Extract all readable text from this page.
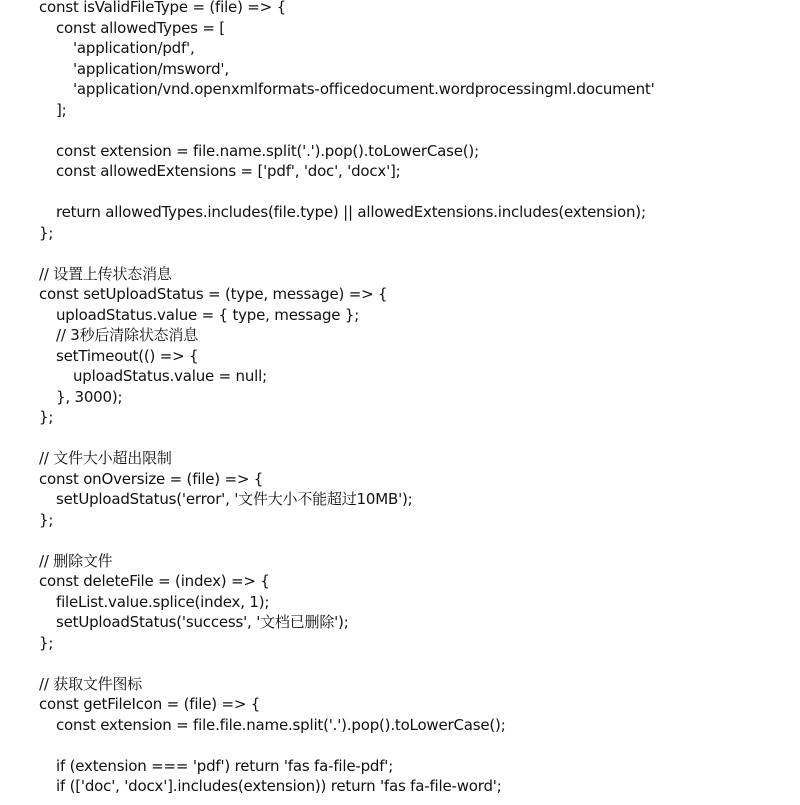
const isValidFileType = (file) => {
const allowedTypes = [
'application/pdf',
'application/msword',
'application/vnd.openxmlformats-officedocument.wordprocessingml.document'
];
const extension = file.name.split('.').pop().toLowerCase();
const allowedExtensions = ['pdf', 'doc', 'docx'];
return allowedTypes.includes(file.type) || allowedExtensions.includes(extension);
};
// 设置上传状态消息
const setUploadStatus = (type, message) => {
uploadStatus.value = { type, message };
// 3秒后清除状态消息
setTimeout(() => {
uploadStatus.value = null;
}, 3000);
};
// 文件大小超出限制
const onOversize = (file) => {
setUploadStatus('error', '文件大小不能超过10MB');
};
// 删除文件
const deleteFile = (index) => {
fileList.value.splice(index, 1);
setUploadStatus('success', '文档已删除');
};
// 获取文件图标
const getFileIcon = (file) => {
const extension = file.file.name.split('.').pop().toLowerCase();
if (extension === 'pdf') return 'fas fa-file-pdf';
if (['doc', 'docx'].includes(extension)) return 'fas fa-file-word';
